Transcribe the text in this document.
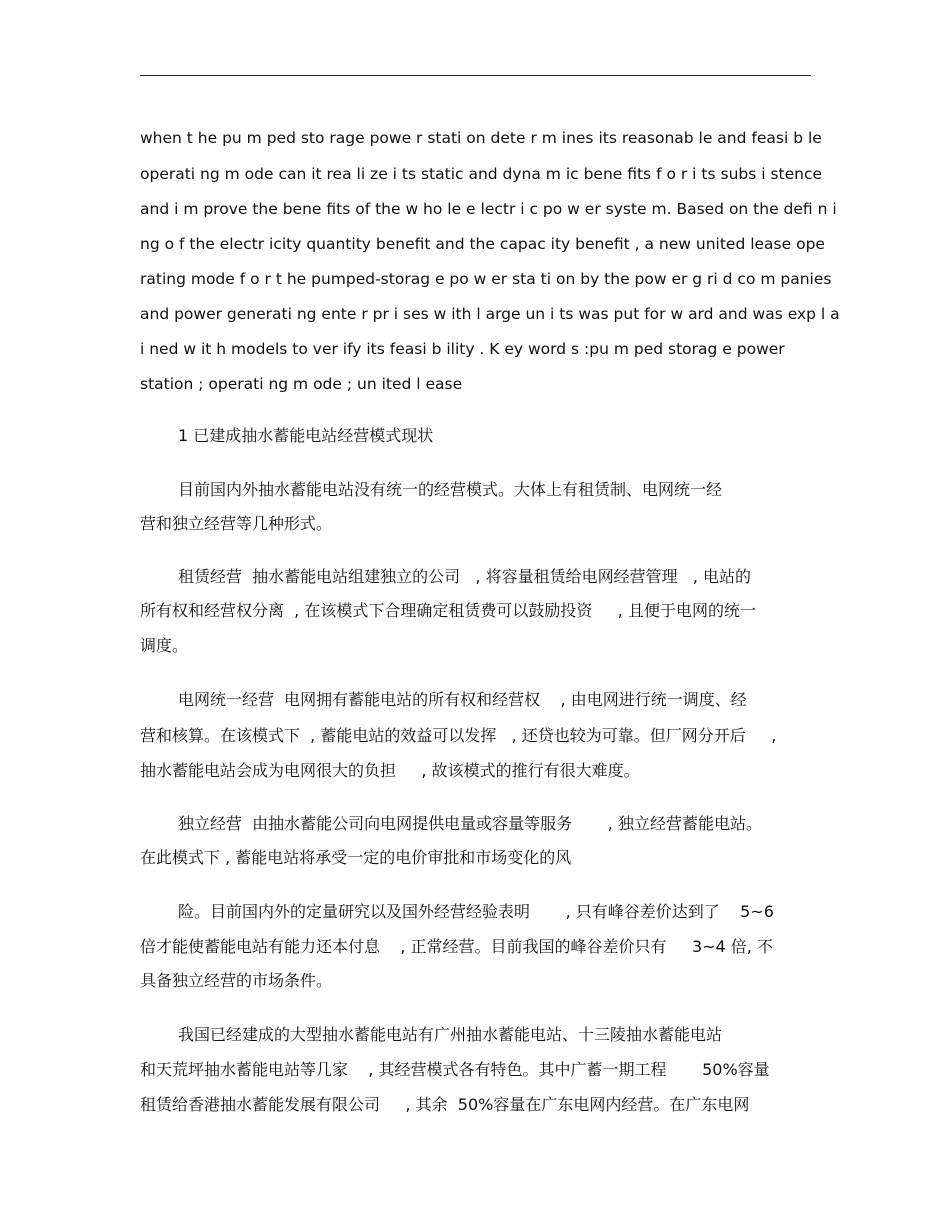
when t he pu m ped sto rage powe r stati on dete r m ines its reasonab le and feasi b le
operati ng m ode can it rea li ze i ts static and dyna m ic bene fits f o r i ts subs i stence
and i m prove the bene fits of the w ho le e lectr i c po w er syste m. Based on the defi n i
ng o f the electr icity quantity benefit and the capac ity benefit , a new united lease ope
rating mode f o r t he pumped-storag e po w er sta ti on by the pow er g ri d co m panies
and power generati ng ente r pr i ses w ith l arge un i ts was put for w ard and was exp l a
i ned w it h models to ver ify its feasi b ility . K ey word s :pu m ped storag e power
station ; operati ng m ode ; un ited l ease
1 已建成抽水蓄能电站经营模式现状
目前国内外抽水蓄能电站没有统一的经营模式。大体上有租赁制、电网统一经
营和独立经营等几种形式。
租赁经营  抽水蓄能电站组建独立的公司   , 将容量租赁给电网经营管理   , 电站的
所有权和经营权分离  , 在该模式下合理确定租赁费可以鼓励投资     , 且便于电网的统一
调度。
电网统一经营  电网拥有蓄能电站的所有权和经营权    , 由电网进行统一调度、经
营和核算。在该模式下  , 蓄能电站的效益可以发挥   , 还贷也较为可靠。但厂网分开后     ,
抽水蓄能电站会成为电网很大的负担     , 故该模式的推行有很大难度。
独立经营  由抽水蓄能公司向电网提供电量或容量等服务       , 独立经营蓄能电站。
在此模式下 , 蓄能电站将承受一定的电价审批和市场变化的风
险。目前国内外的定量研究以及国外经营经验表明       , 只有峰谷差价达到了    5~6
倍才能使蓄能电站有能力还本付息    , 正常经营。目前我国的峰谷差价只有     3~4 倍, 不
具备独立经营的市场条件。
我国已经建成的大型抽水蓄能电站有广州抽水蓄能电站、十三陵抽水蓄能电站
和天荒坪抽水蓄能电站等几家    , 其经营模式各有特色。其中广蓄一期工程       50%容量
租赁给香港抽水蓄能发展有限公司     , 其余  50%容量在广东电网内经营。在广东电网
